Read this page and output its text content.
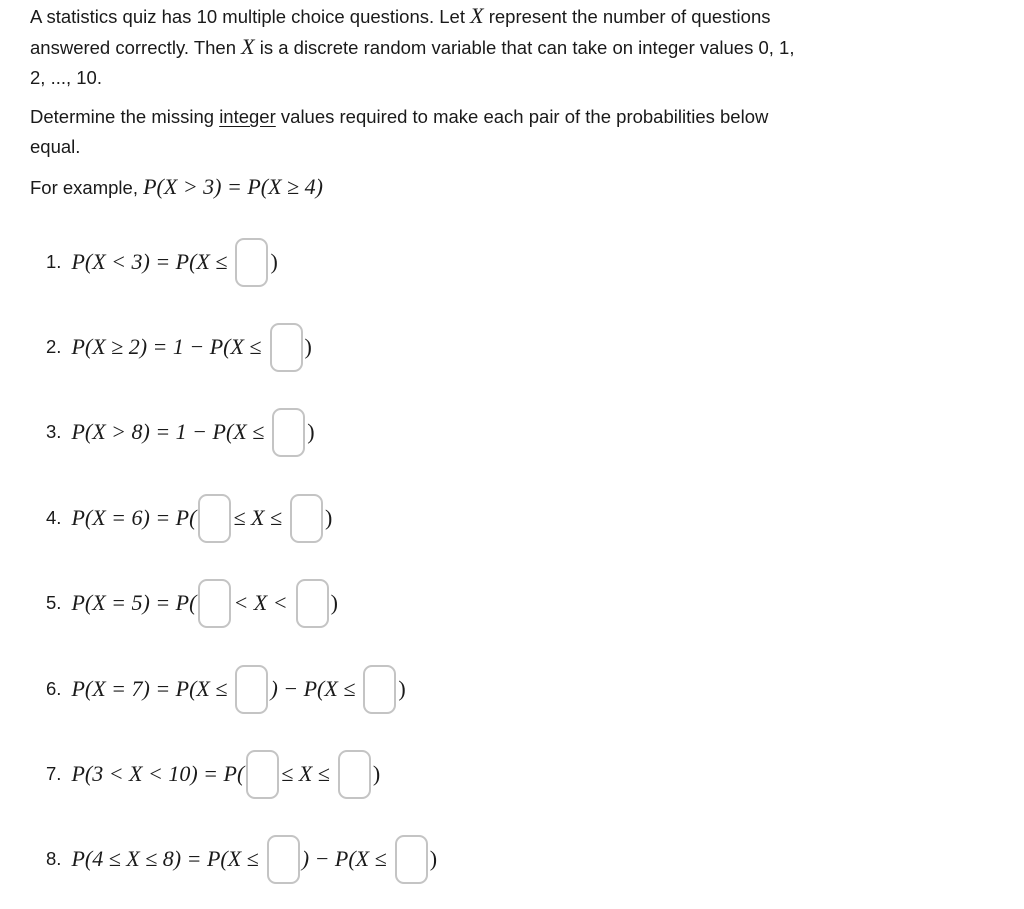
A statistics quiz has 10 multiple choice questions. Let X represent the number of questions answered correctly. Then X is a discrete random variable that can take on integer values 0, 1, 2, ..., 10.

Determine the missing integer values required to make each pair of the probabilities below equal.

For example, P(X > 3) = P(X ≥ 4)

1. P(X < 3) = P(X ≤ )
2. P(X ≥ 2) = 1 − P(X ≤ )
3. P(X > 8) = 1 − P(X ≤ )
4. P(X = 6) = P( ≤ X ≤ )
5. P(X = 5) = P( < X < )
6. P(X = 7) = P(X ≤ ) − P(X ≤ )
7. P(3 < X < 10) = P( ≤ X ≤ )
8. P(4 ≤ X ≤ 8) = P(X ≤ ) − P(X ≤ )
